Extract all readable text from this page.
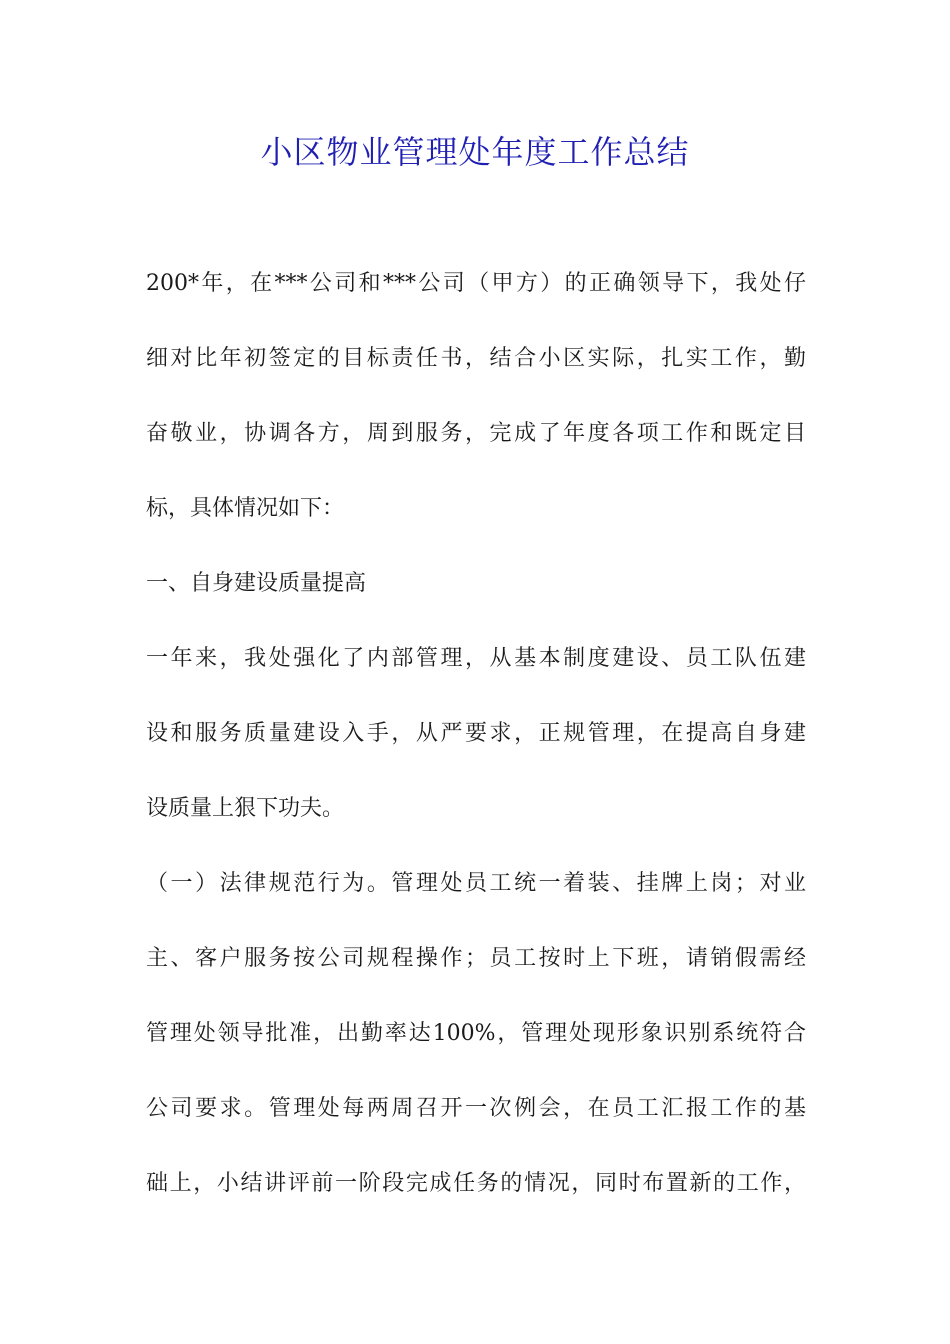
小区物业管理处年度工作总结
200*年，在***公司和***公司（甲方）的正确领导下，我处仔
细对比年初签定的目标责任书，结合小区实际，扎实工作，勤
奋敬业，协调各方，周到服务，完成了年度各项工作和既定目
标，具体情况如下：
一、自身建设质量提高
一年来，我处强化了内部管理，从基本制度建设、员工队伍建
设和服务质量建设入手，从严要求，正规管理，在提高自身建
设质量上狠下功夫。
（一）法律规范行为。管理处员工统一着装、挂牌上岗；对业
主、客户服务按公司规程操作；员工按时上下班，请销假需经
管理处领导批准，出勤率达100%，管理处现形象识别系统符合
公司要求。管理处每两周召开一次例会，在员工汇报工作的基
础上，小结讲评前一阶段完成任务的情况，同时布置新的工作，
